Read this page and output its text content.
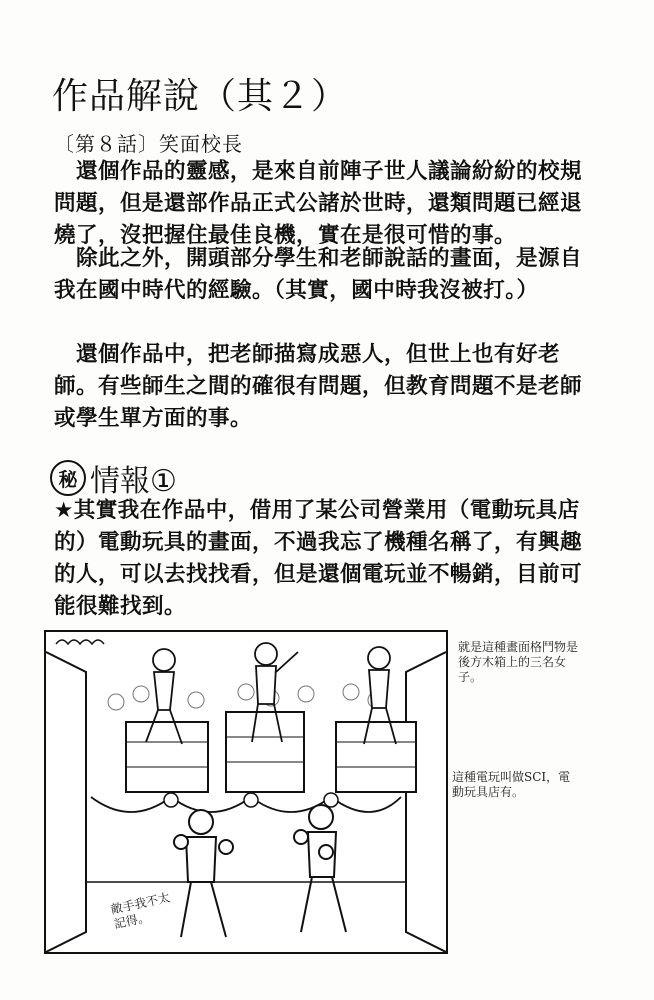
作品解說（其２）

〔第８話〕笑面校長

　還個作品的靈感，是來自前陣子世人議論紛紛的校規問題，但是還部作品正式公諸於世時，還類問題已經退燒了，沒把握住最佳良機，實在是很可惜的事。

　除此之外，開頭部分學生和老師說話的畫面，是源自我在國中時代的經驗。（其實，國中時我沒被打。）

　還個作品中，把老師描寫成惡人，但世上也有好老師。有些師生之間的確很有問題，但教育問題不是老師或學生單方面的事。

秘 情報①

★其實我在作品中，借用了某公司營業用（電動玩具店的）電動玩具的畫面，不過我忘了機種名稱了，有興趣的人，可以去找找看，但是還個電玩並不暢銷，目前可能很難找到。

就是這種畫面格鬥物是後方木箱上的三名女子。

這種電玩叫做SCI，電動玩具店有。

敵手我不太記得。
